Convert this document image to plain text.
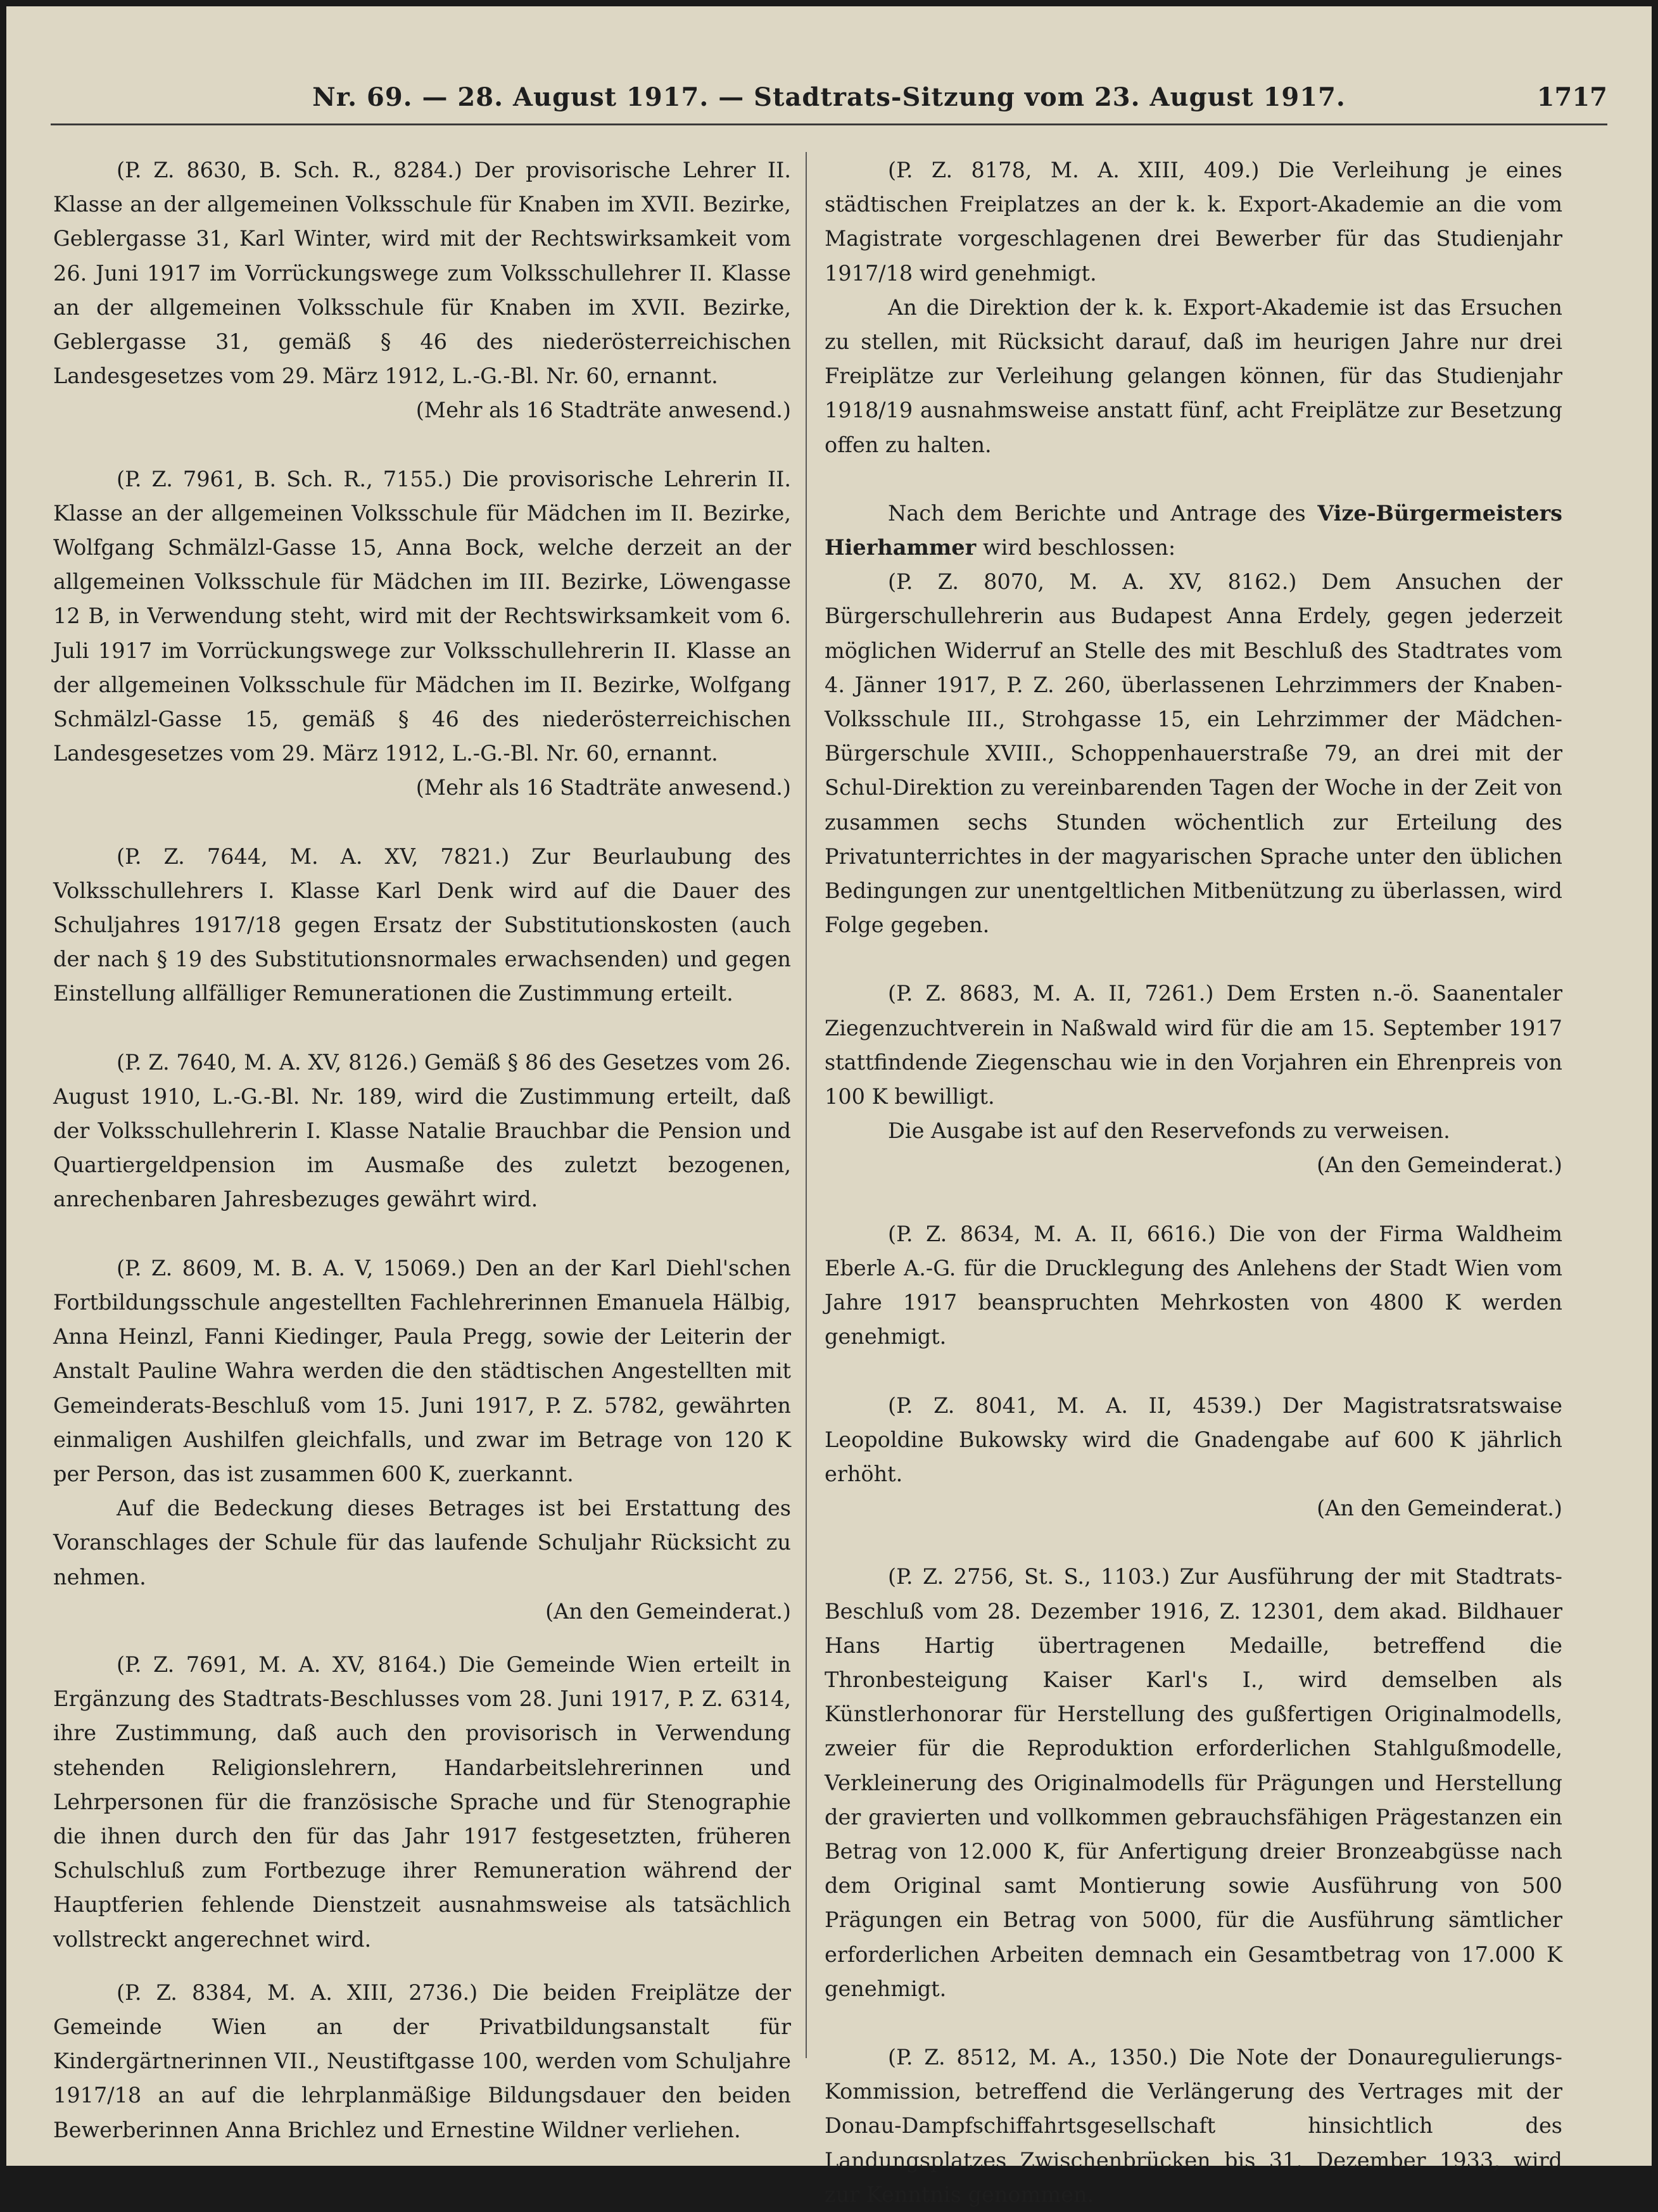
Nr. 69. — 28. August 1917. — Stadtrats-Sitzung vom 23. August 1917.	1717

(P. Z. 8630, B. Sch. R., 8284.) Der provisorische Lehrer II. Klasse an der allgemeinen Volksschule für Knaben im XVII. Bezirke, Geblergasse 31, Karl Winter, wird mit der Rechtswirksamkeit vom 26. Juni 1917 im Vorrückungswege zum Volksschullehrer II. Klasse an der allgemeinen Volksschule für Knaben im XVII. Bezirke, Geblergasse 31, gemäß § 46 des niederösterreichischen Landesgesetzes vom 29. März 1912, L.-G.-Bl. Nr. 60, ernannt.

(Mehr als 16 Stadträte anwesend.)

(P. Z. 7961, B. Sch. R., 7155.) Die provisorische Lehrerin II. Klasse an der allgemeinen Volksschule für Mädchen im II. Bezirke, Wolfgang Schmälzl-Gasse 15, Anna Bock, welche derzeit an der allgemeinen Volksschule für Mädchen im III. Bezirke, Löwengasse 12 B, in Verwendung steht, wird mit der Rechtswirksamkeit vom 6. Juli 1917 im Vorrückungswege zur Volksschullehrerin II. Klasse an der allgemeinen Volksschule für Mädchen im II. Bezirke, Wolfgang Schmälzl-Gasse 15, gemäß § 46 des niederösterreichischen Landesgesetzes vom 29. März 1912, L.-G.-Bl. Nr. 60, ernannt.

(Mehr als 16 Stadträte anwesend.)

(P. Z. 7644, M. A. XV, 7821.) Zur Beurlaubung des Volksschullehrers I. Klasse Karl Denk wird auf die Dauer des Schuljahres 1917/18 gegen Ersatz der Substitutionskosten (auch der nach § 19 des Substitutionsnormales erwachsenden) und gegen Einstellung allfälliger Remunerationen die Zustimmung erteilt.

(P. Z. 7640, M. A. XV, 8126.) Gemäß § 86 des Gesetzes vom 26. August 1910, L.-G.-Bl. Nr. 189, wird die Zustimmung erteilt, daß der Volksschullehrerin I. Klasse Natalie Brauchbar die Pension und Quartiergeldpension im Ausmaße des zuletzt bezogenen, anrechenbaren Jahresbezuges gewährt wird.

(P. Z. 8609, M. B. A. V, 15069.) Den an der Karl Diehl'schen Fortbildungsschule angestellten Fachlehrerinnen Emanuela Hälbig, Anna Heinzl, Fanni Kiedinger, Paula Pregg, sowie der Leiterin der Anstalt Pauline Wahra werden die den städtischen Angestellten mit Gemeinderats-Beschluß vom 15. Juni 1917, P. Z. 5782, gewährten einmaligen Aushilfen gleichfalls, und zwar im Betrage von 120 K per Person, das ist zusammen 600 K, zuerkannt.

Auf die Bedeckung dieses Betrages ist bei Erstattung des Voranschlages der Schule für das laufende Schuljahr Rücksicht zu nehmen.

(An den Gemeinderat.)

(P. Z. 7691, M. A. XV, 8164.) Die Gemeinde Wien erteilt in Ergänzung des Stadtrats-Beschlusses vom 28. Juni 1917, P. Z. 6314, ihre Zustimmung, daß auch den provisorisch in Verwendung stehenden Religionslehrern, Handarbeitslehrerinnen und Lehrpersonen für die französische Sprache und für Stenographie die ihnen durch den für das Jahr 1917 festgesetzten, früheren Schulschluß zum Fortbezuge ihrer Remuneration während der Hauptferien fehlende Dienstzeit ausnahmsweise als tatsächlich vollstreckt angerechnet wird.

(P. Z. 8384, M. A. XIII, 2736.) Die beiden Freiplätze der Gemeinde Wien an der Privatbildungsanstalt für Kindergärtnerinnen VII., Neustiftgasse 100, werden vom Schuljahre 1917/18 an auf die lehrplanmäßige Bildungsdauer den beiden Bewerberinnen Anna Brichlez und Ernestine Wildner verliehen.

(P. Z. 8178, M. A. XIII, 409.) Die Verleihung je eines städtischen Freiplatzes an der k. k. Export-Akademie an die vom Magistrate vorgeschlagenen drei Bewerber für das Studienjahr 1917/18 wird genehmigt.

An die Direktion der k. k. Export-Akademie ist das Ersuchen zu stellen, mit Rücksicht darauf, daß im heurigen Jahre nur drei Freiplätze zur Verleihung gelangen können, für das Studienjahr 1918/19 ausnahmsweise anstatt fünf, acht Freiplätze zur Besetzung offen zu halten.

Nach dem Berichte und Antrage des Vize-Bürgermeisters Hierhammer wird beschlossen:

(P. Z. 8070, M. A. XV, 8162.) Dem Ansuchen der Bürgerschullehrerin aus Budapest Anna Erdely, gegen jederzeit möglichen Widerruf an Stelle des mit Beschluß des Stadtrates vom 4. Jänner 1917, P. Z. 260, überlassenen Lehrzimmers der Knaben-Volksschule III., Strohgasse 15, ein Lehrzimmer der Mädchen-Bürgerschule XVIII., Schoppenhauerstraße 79, an drei mit der Schul-Direktion zu vereinbarenden Tagen der Woche in der Zeit von zusammen sechs Stunden wöchentlich zur Erteilung des Privatunterrichtes in der magyarischen Sprache unter den üblichen Bedingungen zur unentgeltlichen Mitbenützung zu überlassen, wird Folge gegeben.

(P. Z. 8683, M. A. II, 7261.) Dem Ersten n.-ö. Saanentaler Ziegenzuchtverein in Naßwald wird für die am 15. September 1917 stattfindende Ziegenschau wie in den Vorjahren ein Ehrenpreis von 100 K bewilligt.

Die Ausgabe ist auf den Reservefonds zu verweisen.

(An den Gemeinderat.)

(P. Z. 8634, M. A. II, 6616.) Die von der Firma Waldheim Eberle A.-G. für die Drucklegung des Anlehens der Stadt Wien vom Jahre 1917 beanspruchten Mehrkosten von 4800 K werden genehmigt.

(P. Z. 8041, M. A. II, 4539.) Der Magistratsratswaise Leopoldine Bukowsky wird die Gnadengabe auf 600 K jährlich erhöht.

(An den Gemeinderat.)

(P. Z. 2756, St. S., 1103.) Zur Ausführung der mit Stadtrats-Beschluß vom 28. Dezember 1916, Z. 12301, dem akad. Bildhauer Hans Hartig übertragenen Medaille, betreffend die Thronbesteigung Kaiser Karl's I., wird demselben als Künstlerhonorar für Herstellung des gußfertigen Originalmodells, zweier für die Reproduktion erforderlichen Stahlgußmodelle, Verkleinerung des Originalmodells für Prägungen und Herstellung der gravierten und vollkommen gebrauchsfähigen Prägestanzen ein Betrag von 12.000 K, für Anfertigung dreier Bronzeabgüsse nach dem Original samt Montierung sowie Ausführung von 500 Prägungen ein Betrag von 5000, für die Ausführung sämtlicher erforderlichen Arbeiten demnach ein Gesamtbetrag von 17.000 K genehmigt.

(P. Z. 8512, M. A., 1350.) Die Note der Donauregulierungs-Kommission, betreffend die Verlängerung des Vertrages mit der Donau-Dampfschiffahrtsgesellschaft hinsichtlich des Landungsplatzes Zwischenbrücken bis 31. Dezember 1933, wird zur Kenntnis genommen.
